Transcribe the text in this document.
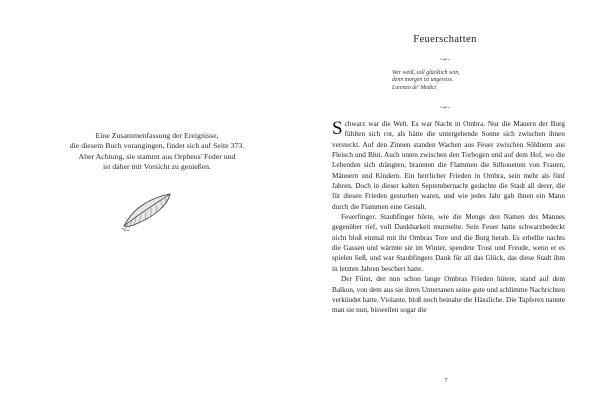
Eine Zusammenfassung der Ereignisse,

die diesem Buch vorangingen, findet sich auf Seite 373.

Aber Achtung, sie stammt aus Orpheus' Feder und

ist daher mit Vorsicht zu genießen.

Feuerschatten
~•~
Wer weiß, soll glücklich sein,
denn morgen ist ungewiss.
Lorenzo de' Medici
~•~

Schwarz war die Welt. Es war Nacht in Ombra. Nur die Mauern der Burg fühlten sich rot, als hätte die untergehende Sonne sich zwischen ihnen versteckt. Auf den Zinnen standen Wachen aus Feuer zwischen Söldnern aus Fleisch und Blut. Auch unten zwischen den Torbogen und auf dem Hof, wo die Lebenden sich drängten, brannten die Flammen die Silhouetten von Frauen, Männern und Kindern. Ein herrlicher Frieden in Ombra, sein mehr als fünf Jahren. Doch in dieser kalten Septembernacht gedachte die Stadt all derer, die für diesen Frieden gestorben waren, und wie jedes Jahr gab ihnen ein Mann durch die Flammen eine Gestalt.

Feuerfinger. Staubfinger hörte, wie die Menge den Namen des Mannes gegenüber rief, voll Dankbarkeit murmelte. Sein Feuer hatte schwarzbedeckt nicht bloß einmal mit ihr Ombras Tore und die Burg herab. Es erhellte nachts die Gassen und wärmte sie im Winter, spendete Trost und Freude, wenn er es spielen ließ, und war Staubfingers Dank für all das Glück, das diese Stadt ihm in letzten Jahren beschert hatte.

Der Fürst, der nun schon lange Ombras Frieden hütete, stand auf dem Balkon, von dem aus sie ihren Untertanen seine gute und schlimme Nachrichten verkündet hatte. Violante, bloß noch beinahe die Hässliche. Die Tapferen nannte man sie nun, bisweilen sogar die

7
